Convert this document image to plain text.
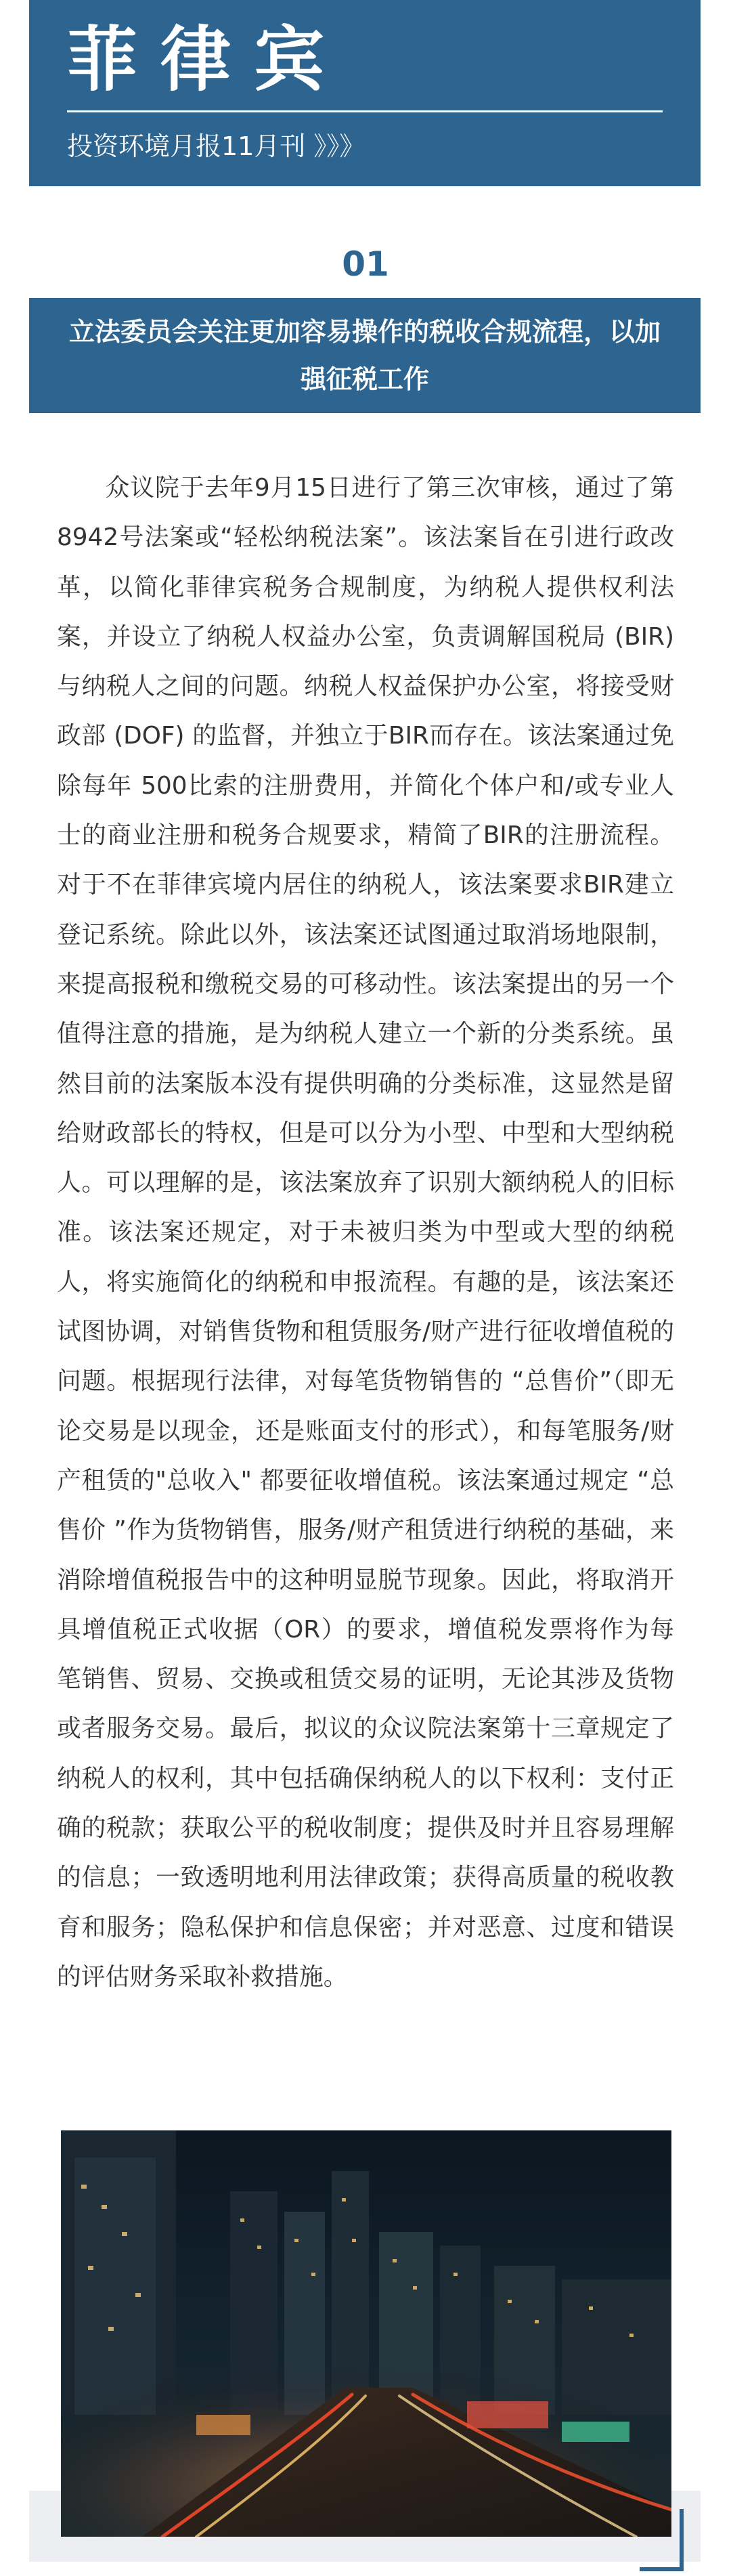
菲律宾
投资环境月报11月刊 》》》
01
立法委员会关注更加容易操作的税收合规流程，以加强征税工作

众议院于去年9月15日进行了第三次审核，通过了第 8942号法案或“轻松纳税法案”。该法案旨在引进行政改革，以简化菲律宾税务合规制度，为纳税人提供权利法案，并设立了纳税人权益办公室，负责调解国税局 (BIR) 与纳税人之间的问题。纳税人权益保护办公室，将接受财政部 (DOF) 的监督，并独立于BIR而存在。该法案通过免除每年 500比索的注册费用，并简化个体户和/或专业人士的商业注册和税务合规要求，精简了BIR的注册流程。对于不在菲律宾境内居住的纳税人，该法案要求BIR建立登记系统。除此以外，该法案还试图通过取消场地限制，来提高报税和缴税交易的可移动性。该法案提出的另一个值得注意的措施，是为纳税人建立一个新的分类系统。虽然目前的法案版本没有提供明确的分类标准，这显然是留给财政部长的特权，但是可以分为小型、中型和大型纳税人。可以理解的是，该法案放弃了识别大额纳税人的旧标准。该法案还规定，对于未被归类为中型或大型的纳税人，将实施简化的纳税和申报流程。有趣的是，该法案还试图协调，对销售货物和租赁服务/财产进行征收增值税的问题。根据现行法律，对每笔货物销售的 “总售价”（即无论交易是以现金，还是账面支付的形式），和每笔服务/财产租赁的"总收入" 都要征收增值税。该法案通过规定 “总售价 ”作为货物销售，服务/财产租赁进行纳税的基础，来消除增值税报告中的这种明显脱节现象。因此，将取消开具增值税正式收据（OR）的要求，增值税发票将作为每笔销售、贸易、交换或租赁交易的证明，无论其涉及货物或者服务交易。最后，拟议的众议院法案第十三章规定了纳税人的权利，其中包括确保纳税人的以下权利：支付正确的税款；获取公平的税收制度；提供及时并且容易理解的信息；一致透明地利用法律政策；获得高质量的税收教育和服务；隐私保护和信息保密；并对恶意、过度和错误的评估财务采取补救措施。
